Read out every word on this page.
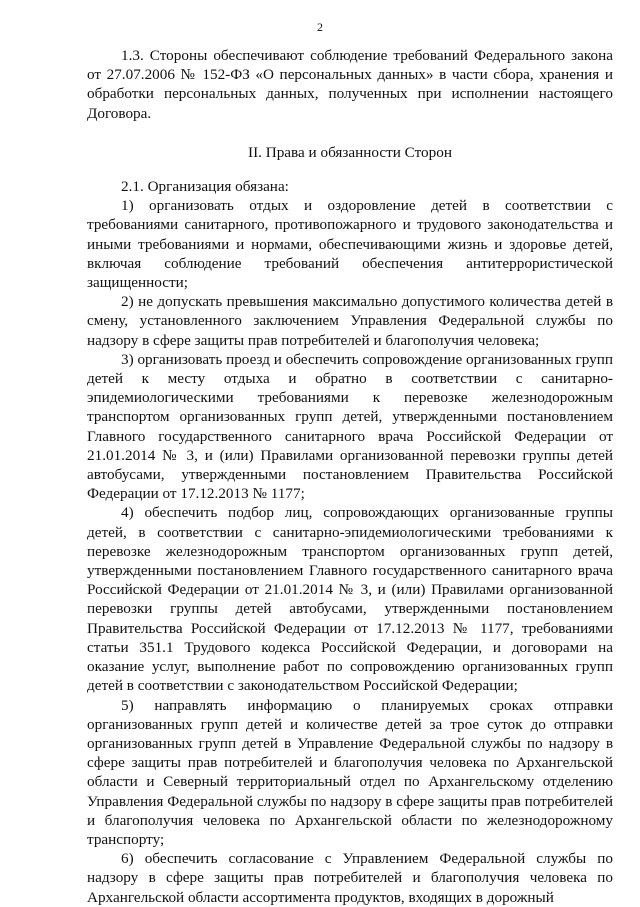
2

1.3. Стороны обеспечивают соблюдение требований Федерального закона от 27.07.2006 № 152-ФЗ «О персональных данных» в части сбора, хранения и обработки персональных данных, полученных при исполнении настоящего Договора.

II. Права и обязанности Сторон

2.1. Организация обязана:

1) организовать отдых и оздоровление детей в соответствии с требованиями санитарного, противопожарного и трудового законодательства и иными требованиями и нормами, обеспечивающими жизнь и здоровье детей, включая соблюдение требований обеспечения антитеррористической защищенности;

2) не допускать превышения максимально допустимого количества детей в смену, установленного заключением Управления Федеральной службы по надзору в сфере защиты прав потребителей и благополучия человека;

3) организовать проезд и обеспечить сопровождение организованных групп детей к месту отдыха и обратно в соответствии с санитарно-эпидемиологическими требованиями к перевозке железнодорожным транспортом организованных групп детей, утвержденными постановлением Главного государственного санитарного врача Российской Федерации от 21.01.2014 № 3, и (или) Правилами организованной перевозки группы детей автобусами, утвержденными постановлением Правительства Российской Федерации от 17.12.2013 № 1177;

4) обеспечить подбор лиц, сопровождающих организованные группы детей, в соответствии с санитарно-эпидемиологическими требованиями к перевозке железнодорожным транспортом организованных групп детей, утвержденными постановлением Главного государственного санитарного врача Российской Федерации от 21.01.2014 № 3, и (или) Правилами организованной перевозки группы детей автобусами, утвержденными постановлением Правительства Российской Федерации от 17.12.2013 № 1177, требованиями статьи 351.1 Трудового кодекса Российской Федерации, и договорами на оказание услуг, выполнение работ по сопровождению организованных групп детей в соответствии с законодательством Российской Федерации;

5) направлять информацию о планируемых сроках отправки организованных групп детей и количестве детей за трое суток до отправки организованных групп детей в Управление Федеральной службы по надзору в сфере защиты прав потребителей и благополучия человека по Архангельской области и Северный территориальный отдел по Архангельскому отделению Управления Федеральной службы по надзору в сфере защиты прав потребителей и благополучия человека по Архангельской области по железнодорожному транспорту;

6) обеспечить согласование с Управлением Федеральной службы по надзору в сфере защиты прав потребителей и благополучия человека по Архангельской области ассортимента продуктов, входящих в дорожный
